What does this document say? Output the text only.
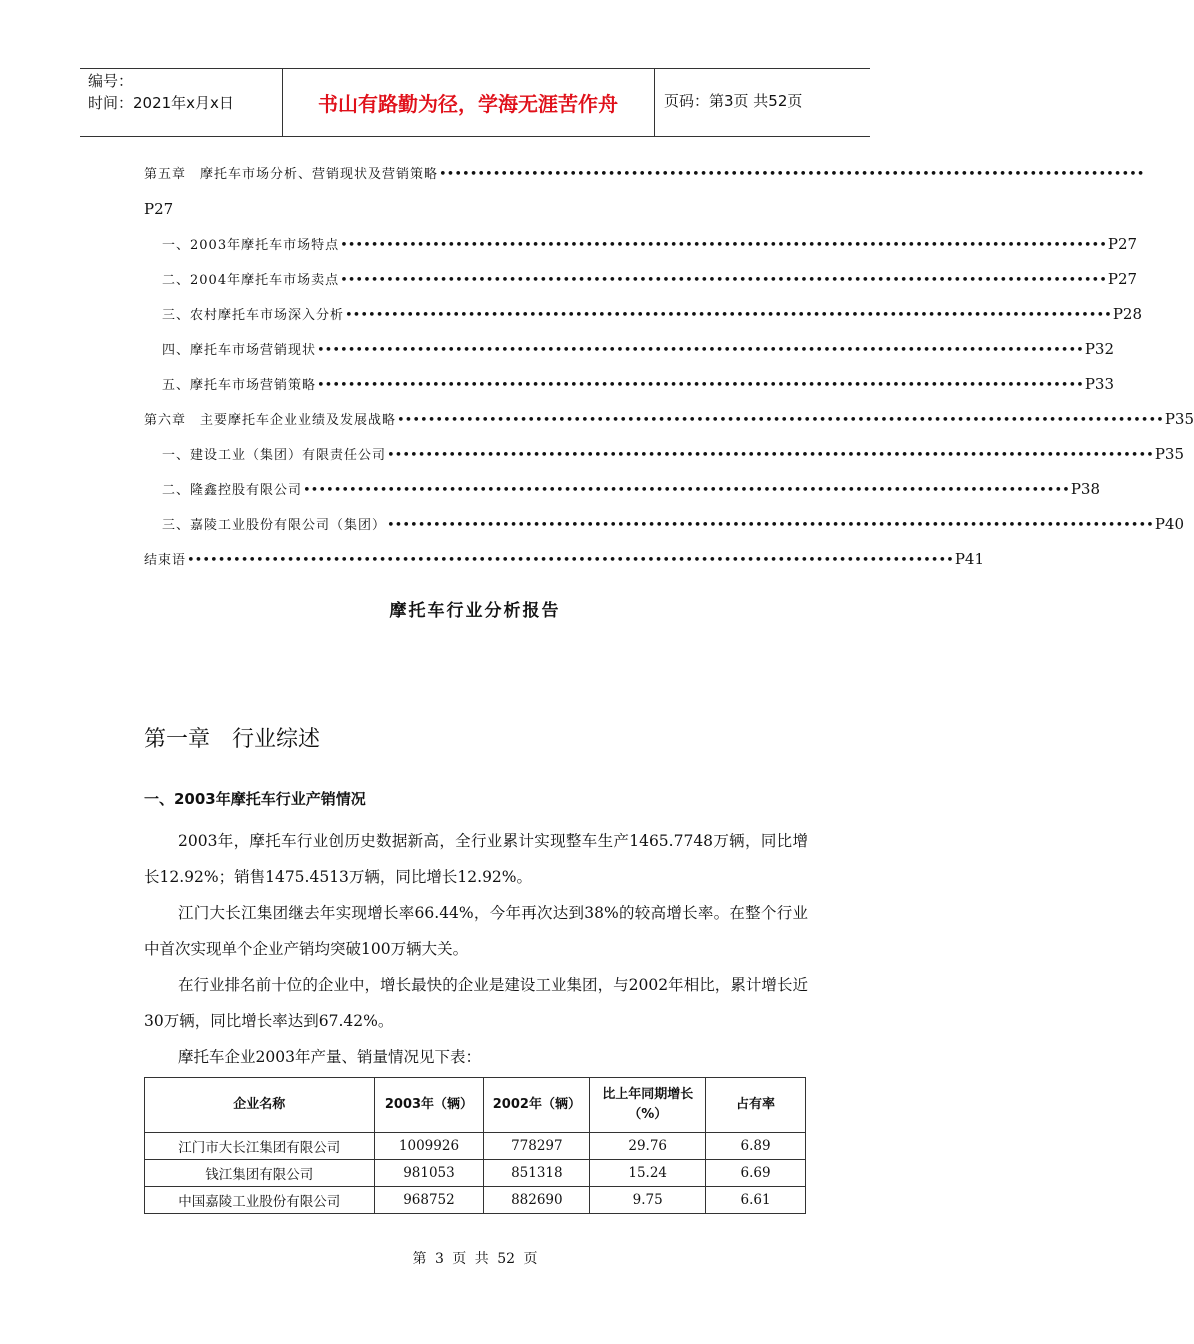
编号：
时间：2021年x月x日	书山有路勤为径，学海无涯苦作舟	页码：第3页 共52页
第五章　摩托车市场分析、营销现状及营销策略 ••••••••••••••••••••••••••••••••••••••••••••••••••••••••••••••••••••••••••••••••••••••••••••
P27
一、2003年摩托车市场特点 •••••••••••••••••••••••••••••••••••••••••••••••••••••••••••••••••••••••••••••••••••••••••••••••••••• P27
二、2004年摩托车市场卖点 •••••••••••••••••••••••••••••••••••••••••••••••••••••••••••••••••••••••••••••••••••••••••••••••••••• P27
三、农村摩托车市场深入分析 •••••••••••••••••••••••••••••••••••••••••••••••••••••••••••••••••••••••••••••••••••••••••••••••••••• P28
四、摩托车市场营销现状 •••••••••••••••••••••••••••••••••••••••••••••••••••••••••••••••••••••••••••••••••••••••••••••••••••• P32
五、摩托车市场营销策略 •••••••••••••••••••••••••••••••••••••••••••••••••••••••••••••••••••••••••••••••••••••••••••••••••••• P33
第六章　主要摩托车企业业绩及发展战略 •••••••••••••••••••••••••••••••••••••••••••••••••••••••••••••••••••••••••••••••••••••••••••••••••••• P35
一、建设工业（集团）有限责任公司 •••••••••••••••••••••••••••••••••••••••••••••••••••••••••••••••••••••••••••••••••••••••••••••••••••• P35
二、隆鑫控股有限公司 •••••••••••••••••••••••••••••••••••••••••••••••••••••••••••••••••••••••••••••••••••••••••••••••••••• P38
三、嘉陵工业股份有限公司（集团） •••••••••••••••••••••••••••••••••••••••••••••••••••••••••••••••••••••••••••••••••••••••••••••••••••• P40
结束语 •••••••••••••••••••••••••••••••••••••••••••••••••••••••••••••••••••••••••••••••••••••••••••••••••••• P41
摩托车行业分析报告
第一章 行业综述
一、2003年摩托车行业产销情况
2003年，摩托车行业创历史数据新高，全行业累计实现整车生产1465.7748万辆，同比增长12.92%；销售1475.4513万辆，同比增长12.92%。
江门大长江集团继去年实现增长率66.44%，今年再次达到38%的较高增长率。在整个行业中首次实现单个企业产销均突破100万辆大关。
在行业排名前十位的企业中，增长最快的企业是建设工业集团，与2002年相比，累计增长近30万辆，同比增长率达到67.42%。
摩托车企业2003年产量、销量情况见下表：
企业名称	2003年（辆）	2002年（辆）	比上年同期增长（%）	占有率
江门市大长江集团有限公司	1009926	778297	29.76	6.89
钱江集团有限公司	981053	851318	15.24	6.69
中国嘉陵工业股份有限公司	968752	882690	9.75	6.61
第 3 页 共 52 页
